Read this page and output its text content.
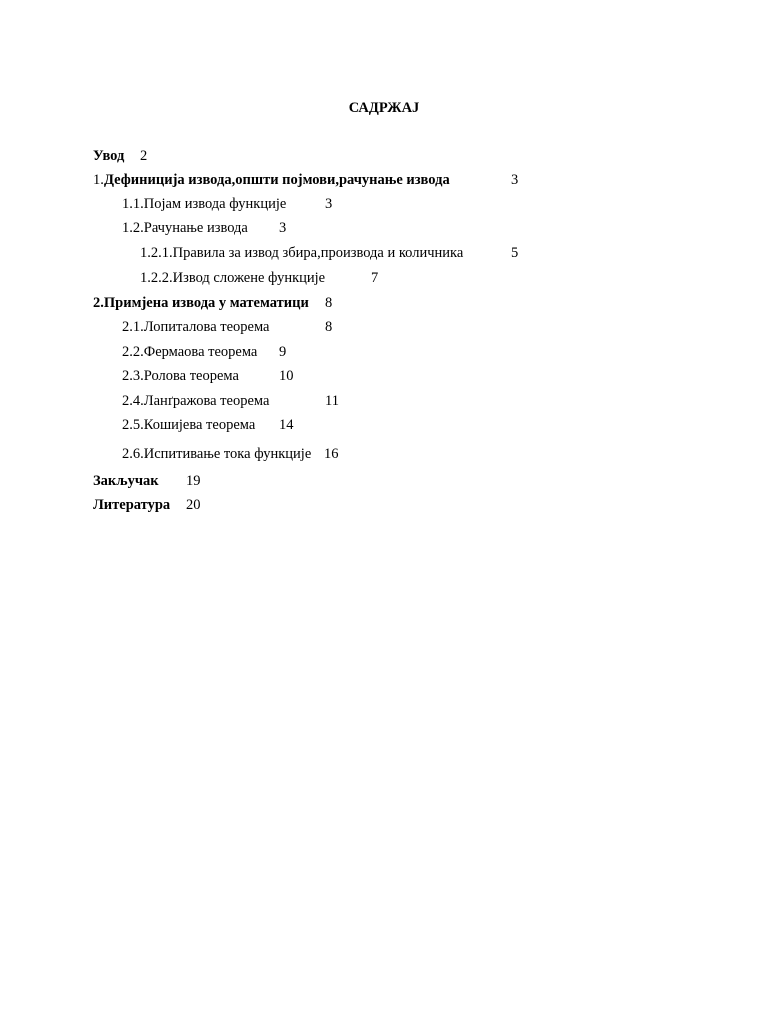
САДРЖАЈ
Увод 2
1. Дефиниција извода,општи појмови,рачунање извода	3
1.1.Појам извода функције	3
1.2.Рачунање извода 3
1.2.1.Правила за извод збира,производа и количника	5
1.2.2.Извод сложене функције	7
2.Примјена извода у математици 8
2.1.Лопиталова теорема	8
2.2.Фермаова теорема 9
2.3.Ролова теорема	10
2.4.Ланґражова теорема	11
2.5.Кошијева теорема 14
2.6.Испитивање тока функције 16
Закључак 19
Литература 20
